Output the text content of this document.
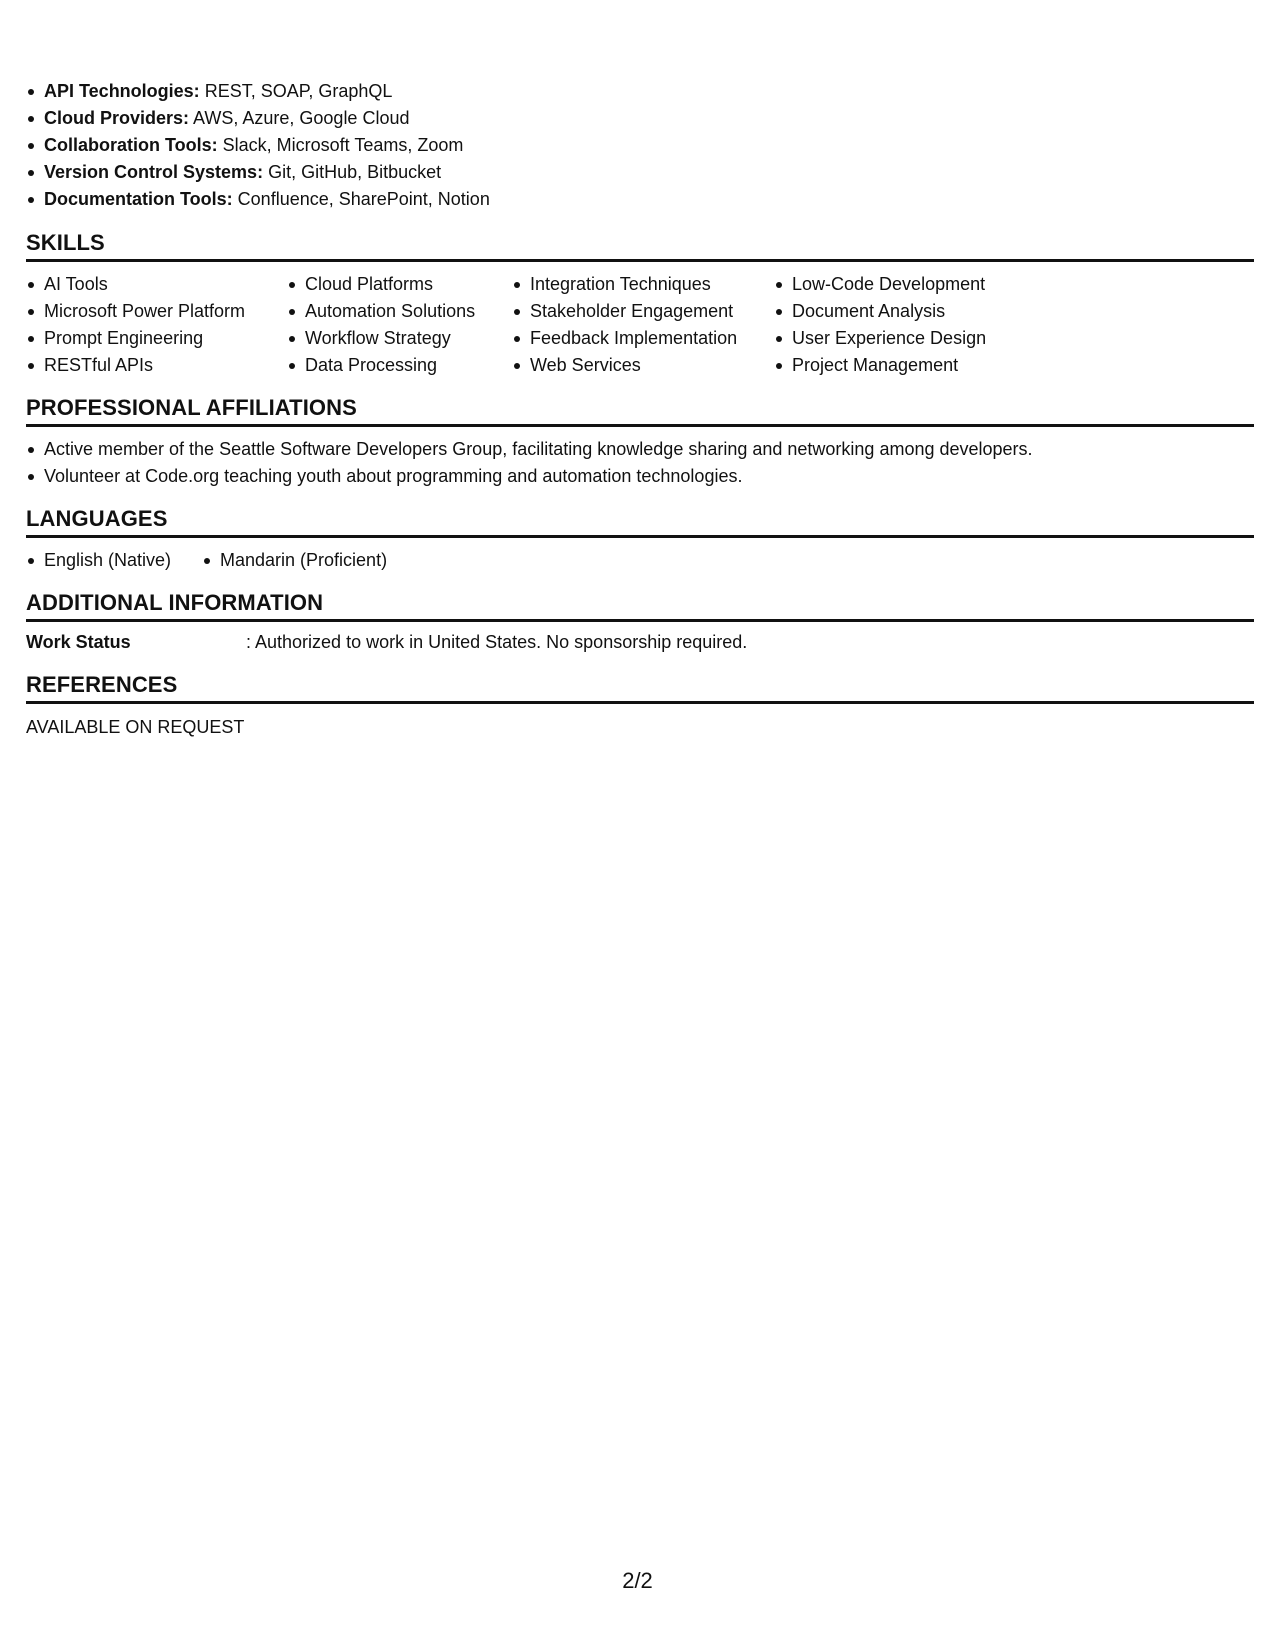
API Technologies: REST, SOAP, GraphQL
Cloud Providers: AWS, Azure, Google Cloud
Collaboration Tools: Slack, Microsoft Teams, Zoom
Version Control Systems: Git, GitHub, Bitbucket
Documentation Tools: Confluence, SharePoint, Notion
SKILLS
AI Tools
Microsoft Power Platform
Prompt Engineering
RESTful APIs
Cloud Platforms
Automation Solutions
Workflow Strategy
Data Processing
Integration Techniques
Stakeholder Engagement
Feedback Implementation
Web Services
Low-Code Development
Document Analysis
User Experience Design
Project Management
PROFESSIONAL AFFILIATIONS
Active member of the Seattle Software Developers Group, facilitating knowledge sharing and networking among developers.
Volunteer at Code.org teaching youth about programming and automation technologies.
LANGUAGES
English (Native)	Mandarin (Proficient)
ADDITIONAL INFORMATION
Work Status	: Authorized to work in United States. No sponsorship required.
REFERENCES
AVAILABLE ON REQUEST
2/2
